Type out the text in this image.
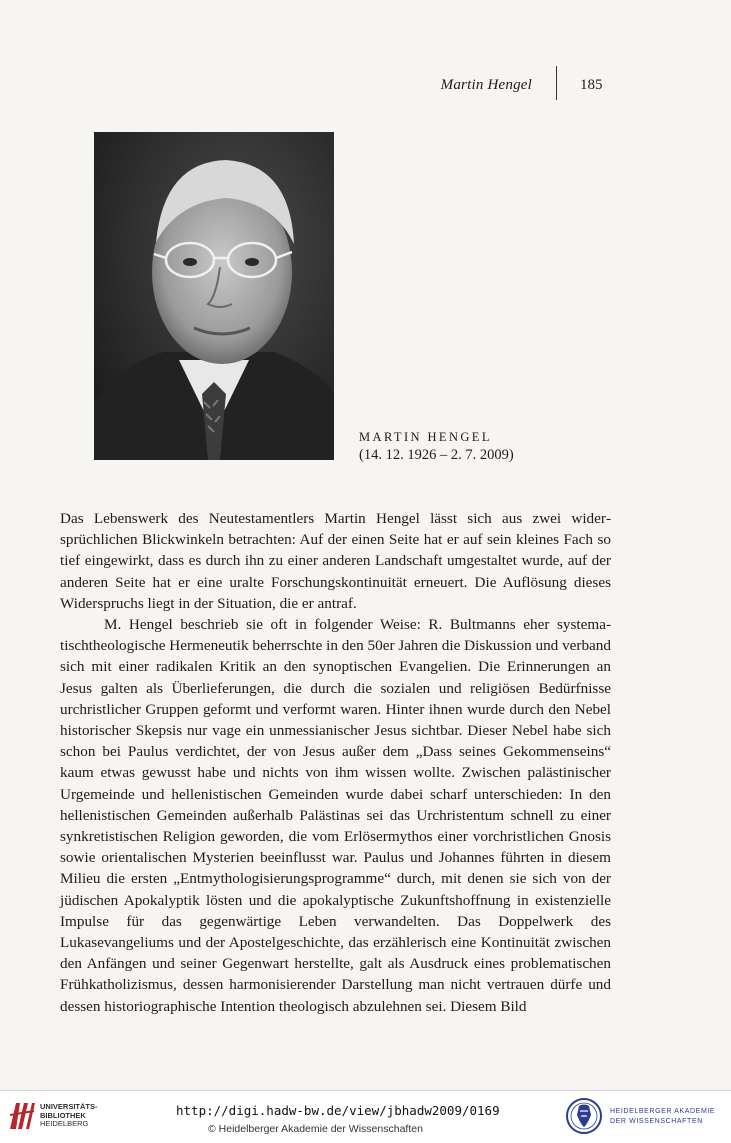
Martin Hengel	185
MARTIN HENGEL
(14. 12. 1926 – 2. 7. 2009)

Das Lebenswerk des Neutestamentlers Martin Hengel lässt sich aus zwei widersprüchlichen Blickwinkeln betrachten: Auf der einen Seite hat er auf sein kleines Fach so tief eingewirkt, dass es durch ihn zu einer anderen Landschaft umgestaltet wurde, auf der anderen Seite hat er eine uralte Forschungskontinuität erneuert. Die Auflösung dieses Widerspruchs liegt in der Situation, die er antraf.

M. Hengel beschrieb sie oft in folgender Weise: R. Bultmanns eher systematischtheologische Hermeneutik beherrschte in den 50er Jahren die Diskussion und verband sich mit einer radikalen Kritik an den synoptischen Evangelien. Die Erinnerungen an Jesus galten als Überlieferungen, die durch die sozialen und religiösen Bedürfnisse urchristlicher Gruppen geformt und verformt waren. Hinter ihnen wurde durch den Nebel historischer Skepsis nur vage ein unmessianischer Jesus sichtbar. Dieser Nebel habe sich schon bei Paulus verdichtet, der von Jesus außer dem „Dass seines Gekommenseins“ kaum etwas gewusst habe und nichts von ihm wissen wollte. Zwischen palästinischer Urgemeinde und hellenistischen Gemeinden wurde dabei scharf unterschieden: In den hellenistischen Gemeinden außerhalb Palästinas sei das Urchristentum schnell zu einer synkretistischen Religion geworden, die vom Erlösermythos einer vorchristlichen Gnosis sowie orientalischen Mysterien beeinflusst war. Paulus und Johannes führten in diesem Milieu die ersten „Entmythologisierungsprogramme“ durch, mit denen sie sich von der jüdischen Apokalyptik lösten und die apokalyptische Zukunftshoffnung in existenzielle Impulse für das gegenwärtige Leben verwandelten. Das Doppelwerk des Lukasevangeliums und der Apostelgeschichte, das erzählerisch eine Kontinuität zwischen den Anfängen und seiner Gegenwart herstellte, galt als Ausdruck eines problematischen Frühkatholizismus, dessen harmonisierender Darstellung man nicht vertrauen dürfe und dessen historiographische Intention theologisch abzulehnen sei. Diesem Bild

UNIVERSITÄTS-
BIBLIOTHEK
HEIDELBERG
http://digi.hadw-bw.de/view/jbhadw2009/0169
© Heidelberger Akademie der Wissenschaften
HEIDELBERGER AKADEMIE
DER WISSENSCHAFTEN
